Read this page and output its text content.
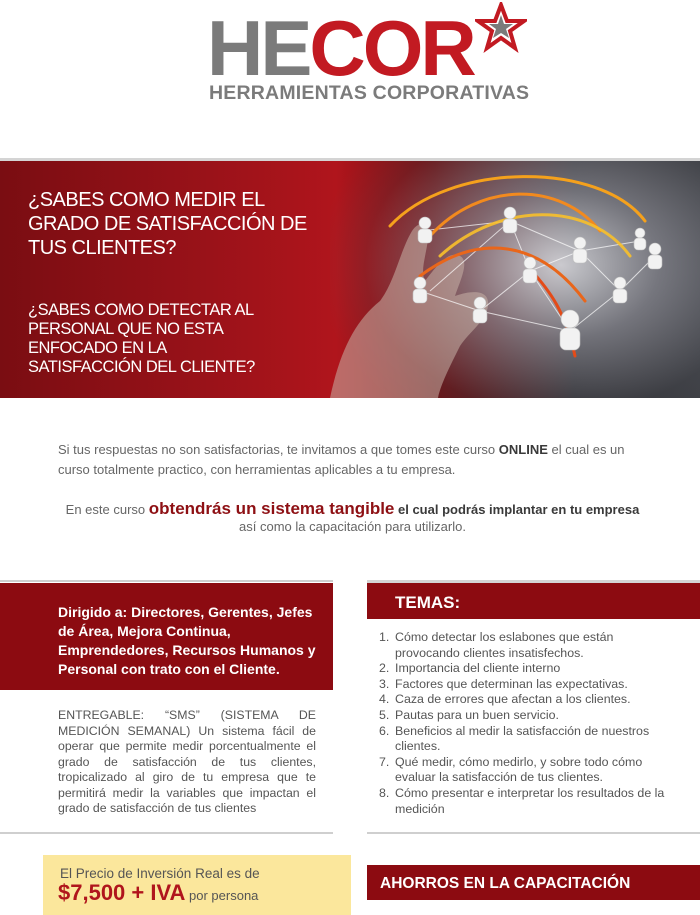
HECOR
HERRAMIENTAS CORPORATIVAS

¿SABES COMO MEDIR EL GRADO DE SATISFACCIÓN DE TUS CLIENTES?

¿SABES COMO DETECTAR AL PERSONAL QUE NO ESTA ENFOCADO EN LA SATISFACCIÓN DEL CLIENTE?

Si tus respuestas no son satisfactorias, te invitamos a que tomes este curso ONLINE el cual es un curso totalmente practico, con herramientas aplicables a tu empresa.

En este curso obtendrás un sistema tangible el cual podrás implantar en tu empresa así como la capacitación para utilizarlo.

Dirigido a: Directores, Gerentes, Jefes de Área, Mejora Continua, Emprendedores, Recursos Humanos y Personal con trato con el Cliente.

ENTREGABLE: “SMS” (SISTEMA DE MEDICIÓN SEMANAL) Un sistema fácil de operar que permite medir porcentualmente el grado de satisfacción de tus clientes, tropicalizado al giro de tu empresa que te permitirá medir la variables que impactan el grado de satisfacción de tus clientes

El Precio de Inversión Real es de

$7,500 + IVA por persona

TEMAS:

1. Cómo detectar los eslabones que están provocando clientes insatisfechos.
2. Importancia del cliente interno
3. Factores que determinan las expectativas.
4. Caza de errores que afectan a los clientes.
5. Pautas para un buen servicio.
6. Beneficios al medir la satisfacción de nuestros clientes.
7. Qué medir, cómo medirlo, y sobre todo cómo evaluar la satisfacción de tus clientes.
8. Cómo presentar e interpretar los resultados de la medición

AHORROS EN LA CAPACITACIÓN
